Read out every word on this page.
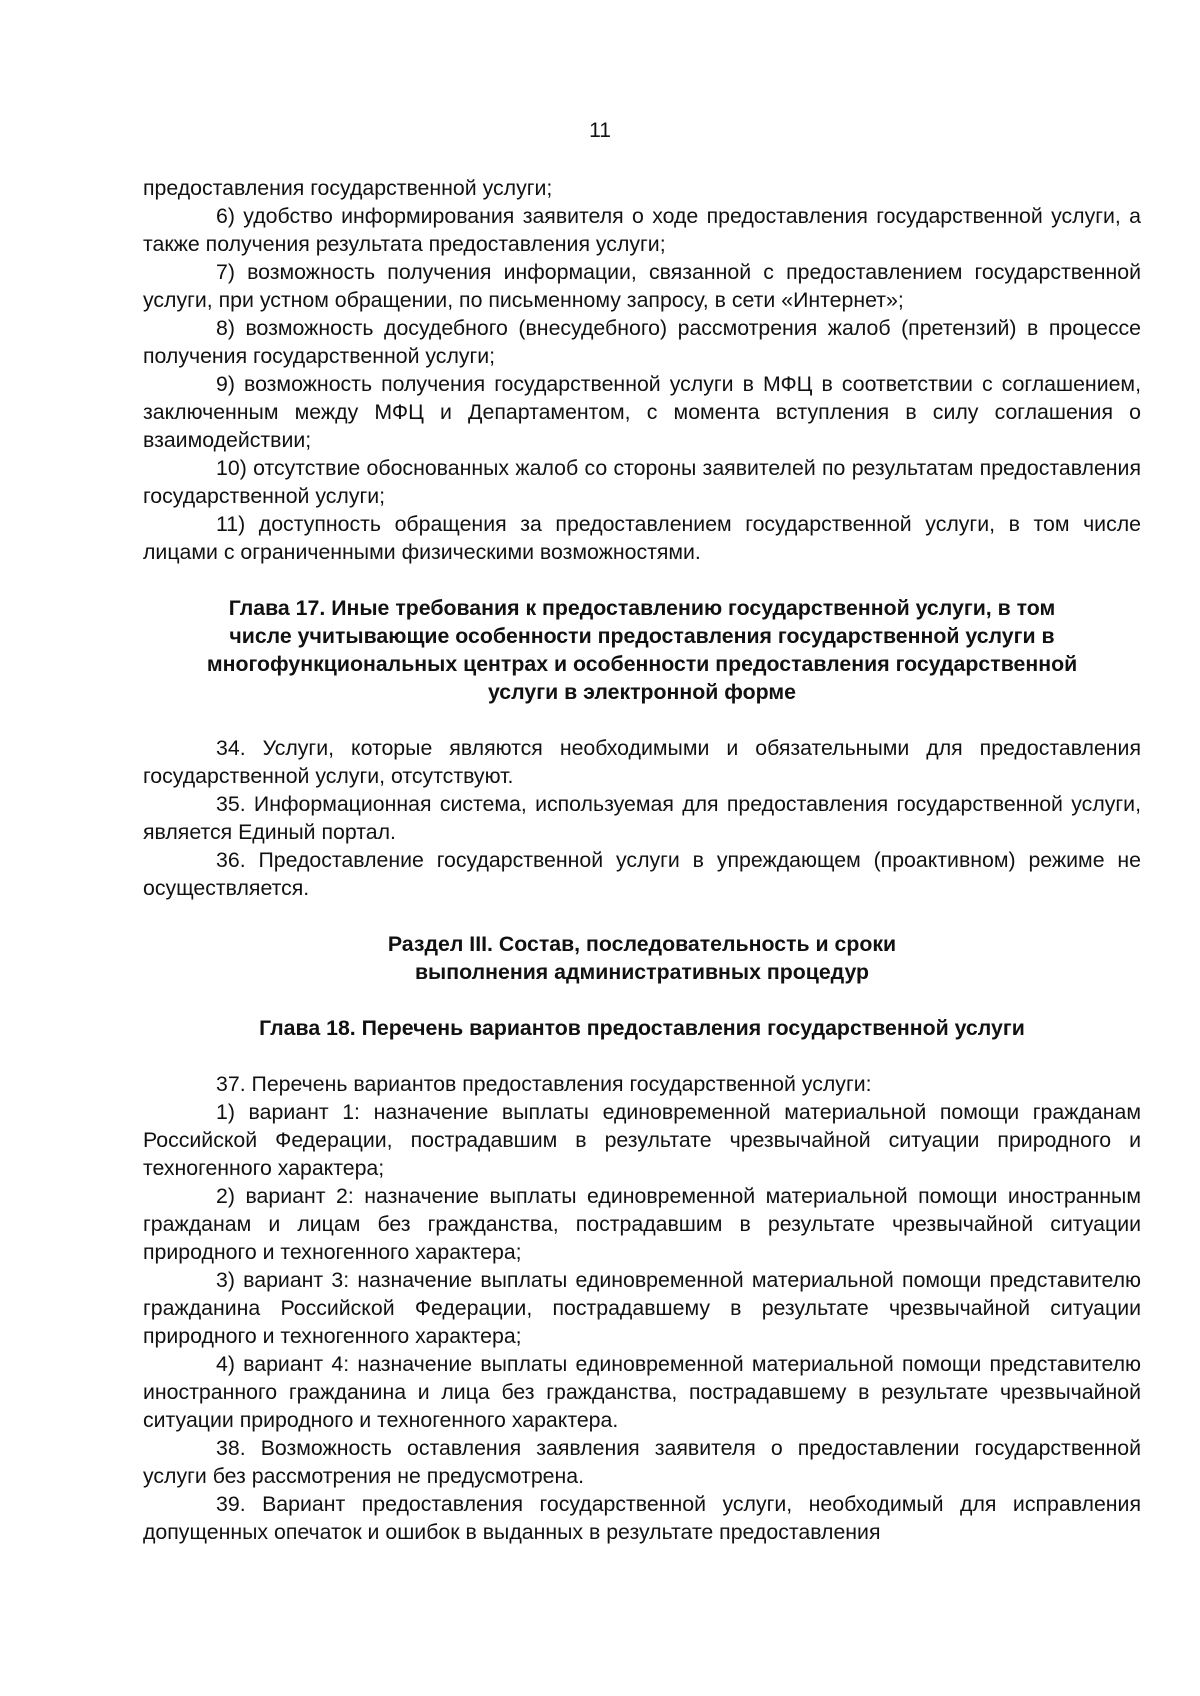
11

предоставления государственной услуги;

6) удобство информирования заявителя о ходе предоставления государственной услуги, а также получения результата предоставления услуги;

7) возможность получения информации, связанной с предоставлением государственной услуги, при устном обращении, по письменному запросу, в сети «Интернет»;

8) возможность досудебного (внесудебного) рассмотрения жалоб (претензий) в процессе получения государственной услуги;

9) возможность получения государственной услуги в МФЦ в соответствии с соглашением, заключенным между МФЦ и Департаментом, с момента вступления в силу соглашения о взаимодействии;

10) отсутствие обоснованных жалоб со стороны заявителей по результатам предоставления государственной услуги;

11) доступность обращения за предоставлением государственной услуги, в том числе лицами с ограниченными физическими возможностями.

Глава 17. Иные требования к предоставлению государственной услуги, в том
числе учитывающие особенности предоставления государственной услуги в
многофункциональных центрах и особенности предоставления государственной
услуги в электронной форме

34. Услуги, которые являются необходимыми и обязательными для предоставления государственной услуги, отсутствуют.

35. Информационная система, используемая для предоставления государственной услуги, является Единый портал.

36. Предоставление государственной услуги в упреждающем (проактивном) режиме не осуществляется.

Раздел III. Состав, последовательность и сроки
выполнения административных процедур
Глава 18. Перечень вариантов предоставления государственной услуги

37. Перечень вариантов предоставления государственной услуги:

1) вариант 1: назначение выплаты единовременной материальной помощи гражданам Российской Федерации, пострадавшим в результате чрезвычайной ситуации природного и техногенного характера;

2) вариант 2: назначение выплаты единовременной материальной помощи иностранным гражданам и лицам без гражданства, пострадавшим в результате чрезвычайной ситуации природного и техногенного характера;

3) вариант 3: назначение выплаты единовременной материальной помощи представителю гражданина Российской Федерации, пострадавшему в результате чрезвычайной ситуации природного и техногенного характера;

4) вариант 4: назначение выплаты единовременной материальной помощи представителю иностранного гражданина и лица без гражданства, пострадавшему в результате чрезвычайной ситуации природного и техногенного характера.

38. Возможность оставления заявления заявителя о предоставлении государственной услуги без рассмотрения не предусмотрена.

39. Вариант предоставления государственной услуги, необходимый для исправления допущенных опечаток и ошибок в выданных в результате предоставления
